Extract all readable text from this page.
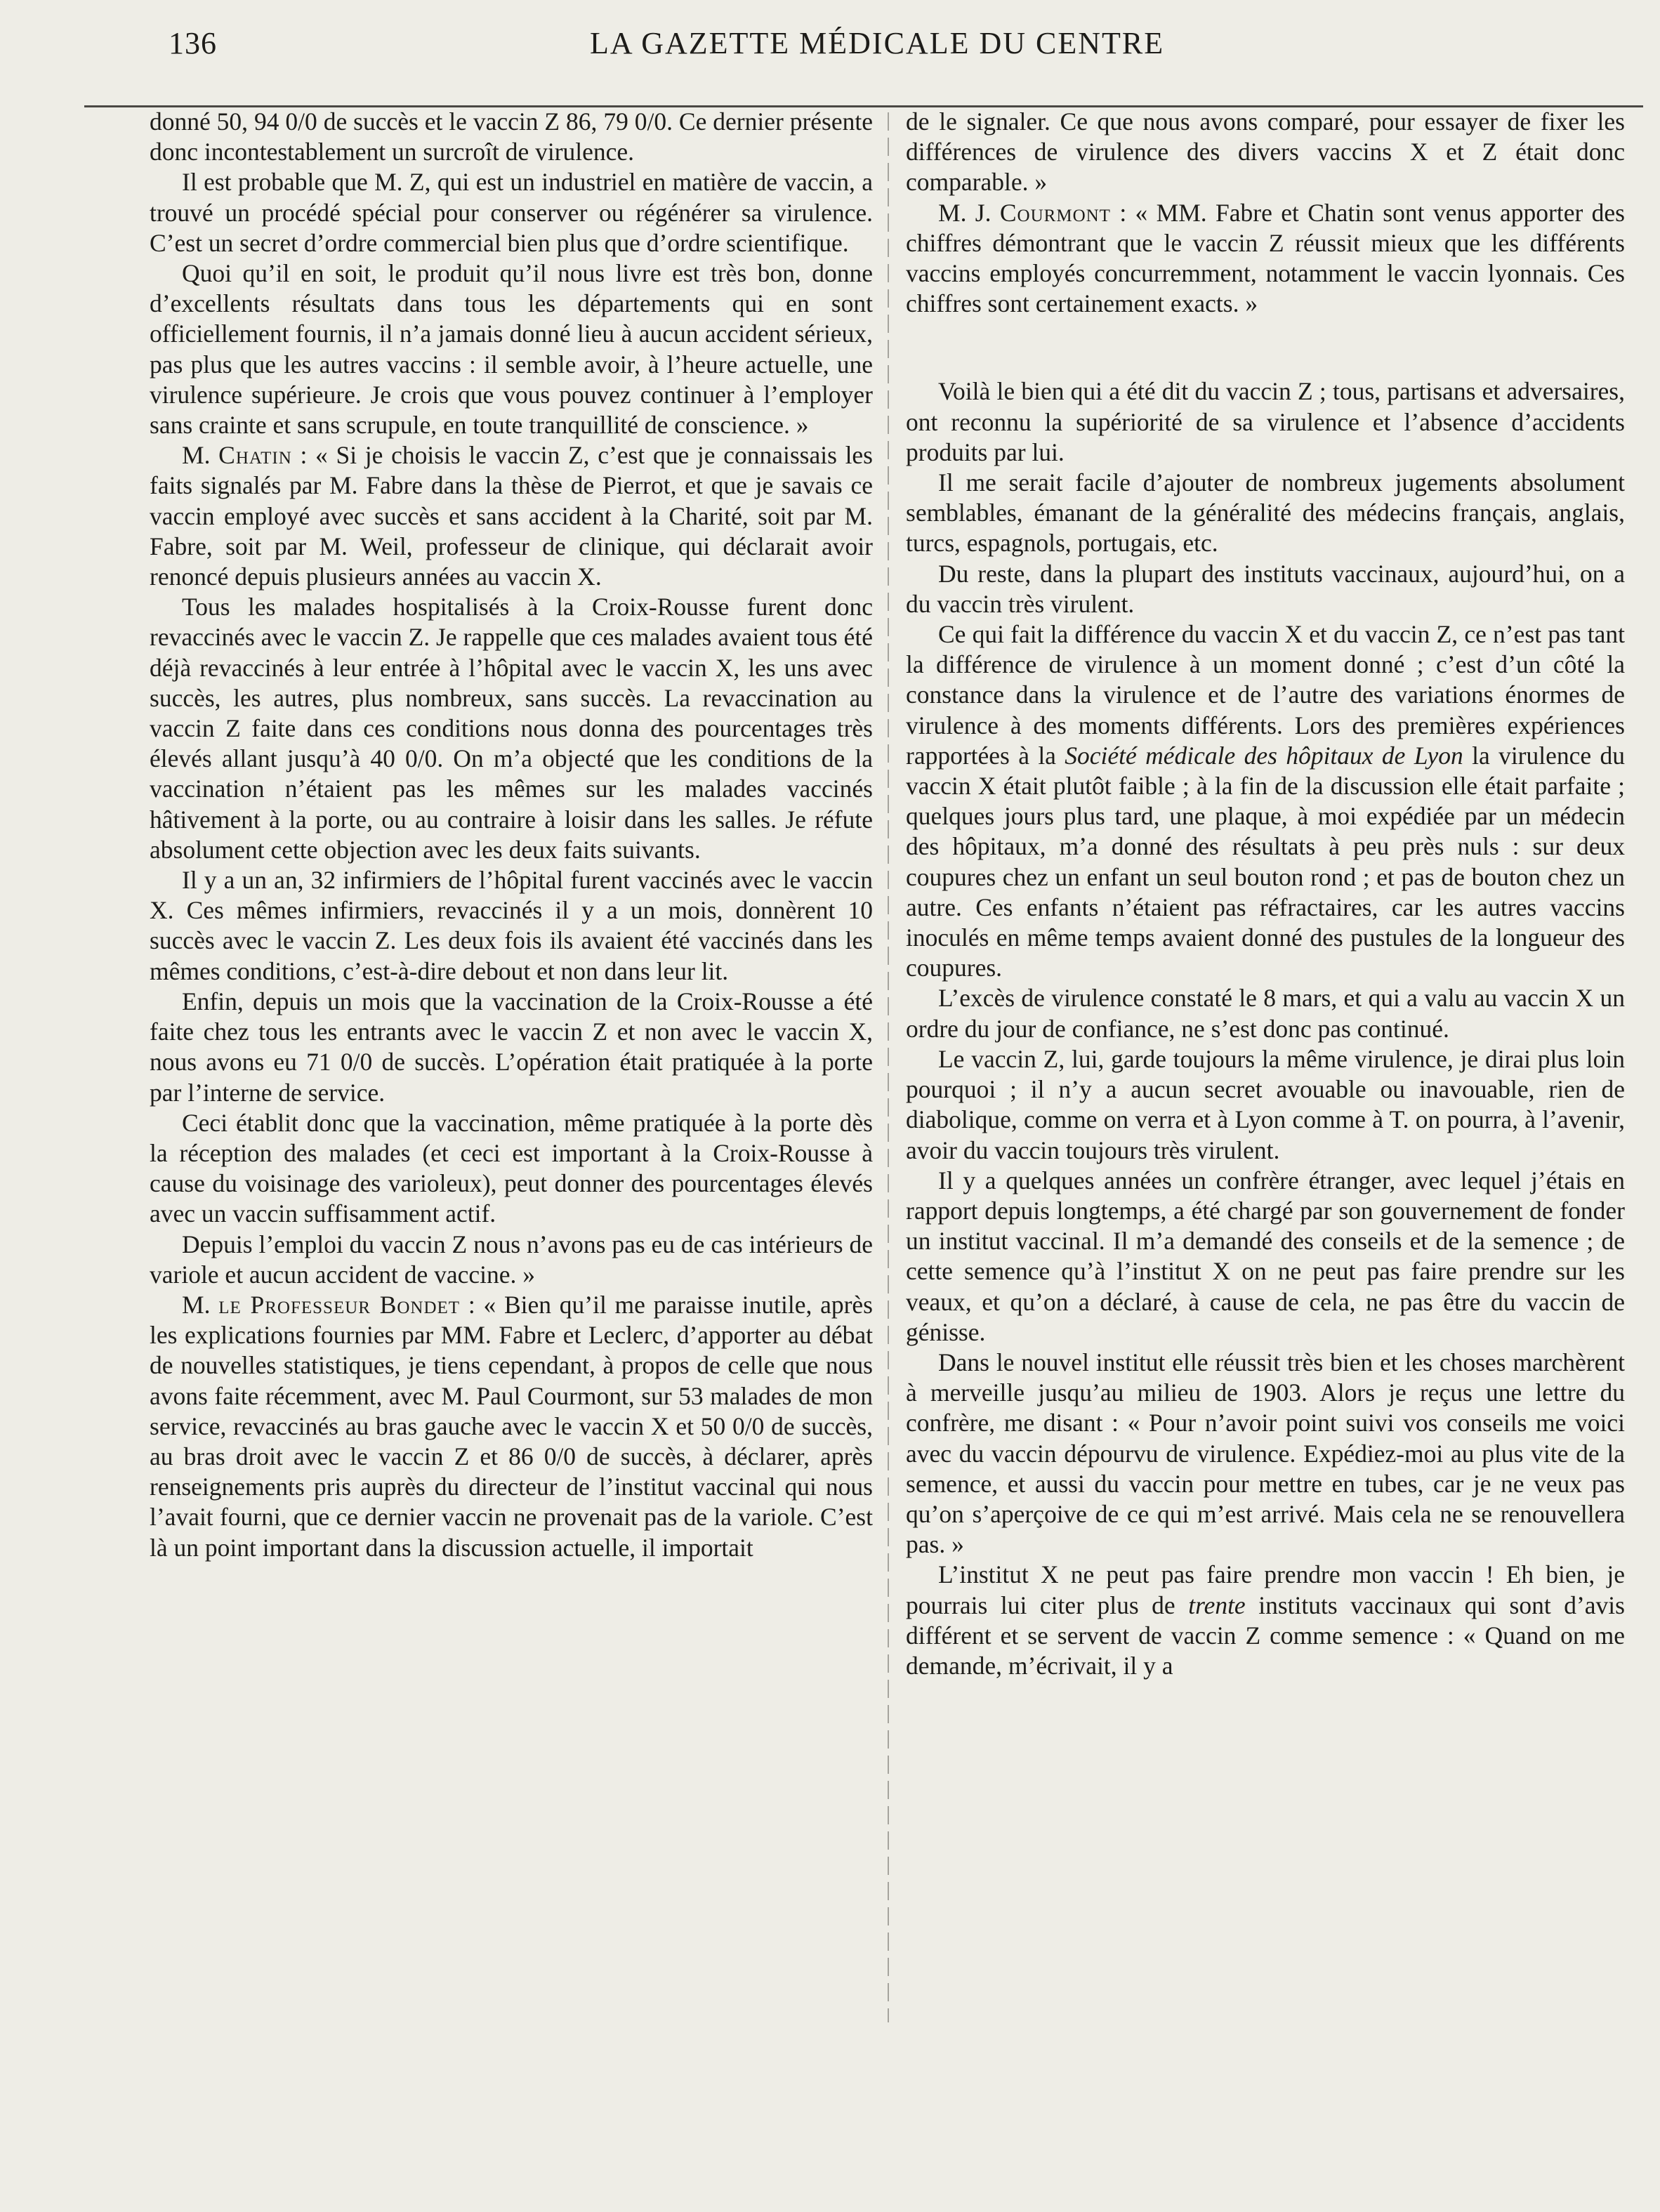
136	LA GAZETTE MÉDICALE DU CENTRE

donné 50, 94 0/0 de succès et le vaccin Z 86, 79 0/0. Ce dernier présente donc incontestablement un surcroît de virulence.

Il est probable que M. Z, qui est un industriel en matière de vaccin, a trouvé un procédé spécial pour conserver ou régénérer sa virulence. C’est un secret d’ordre commercial bien plus que d’ordre scientifique.

Quoi qu’il en soit, le produit qu’il nous livre est très bon, donne d’excellents résultats dans tous les départements qui en sont officiellement fournis, il n’a jamais donné lieu à aucun accident sérieux, pas plus que les autres vaccins : il semble avoir, à l’heure actuelle, une virulence supérieure. Je crois que vous pouvez continuer à l’employer sans crainte et sans scrupule, en toute tranquillité de conscience. »

M. Chatin : « Si je choisis le vaccin Z, c’est que je connaissais les faits signalés par M. Fabre dans la thèse de Pierrot, et que je savais ce vaccin employé avec succès et sans accident à la Charité, soit par M. Fabre, soit par M. Weil, professeur de clinique, qui déclarait avoir renoncé depuis plusieurs années au vaccin X.

Tous les malades hospitalisés à la Croix-Rousse furent donc revaccinés avec le vaccin Z. Je rappelle que ces malades avaient tous été déjà revaccinés à leur entrée à l’hôpital avec le vaccin X, les uns avec succès, les autres, plus nombreux, sans succès. La revaccination au vaccin Z faite dans ces conditions nous donna des pourcentages très élevés allant jusqu’à 40 0/0. On m’a objecté que les conditions de la vaccination n’étaient pas les mêmes sur les malades vaccinés hâtivement à la porte, ou au contraire à loisir dans les salles. Je réfute absolument cette objection avec les deux faits suivants.

Il y a un an, 32 infirmiers de l’hôpital furent vaccinés avec le vaccin X. Ces mêmes infirmiers, revaccinés il y a un mois, donnèrent 10 succès avec le vaccin Z. Les deux fois ils avaient été vaccinés dans les mêmes conditions, c’est-à-dire debout et non dans leur lit.

Enfin, depuis un mois que la vaccination de la Croix-Rousse a été faite chez tous les entrants avec le vaccin Z et non avec le vaccin X, nous avons eu 71 0/0 de succès. L’opération était pratiquée à la porte par l’interne de service.

Ceci établit donc que la vaccination, même pratiquée à la porte dès la réception des malades (et ceci est important à la Croix-Rousse à cause du voisinage des varioleux), peut donner des pourcentages élevés avec un vaccin suffisamment actif.

Depuis l’emploi du vaccin Z nous n’avons pas eu de cas intérieurs de variole et aucun accident de vaccine. »

M. le Professeur Bondet : « Bien qu’il me paraisse inutile, après les explications fournies par MM. Fabre et Leclerc, d’apporter au débat de nouvelles statistiques, je tiens cependant, à propos de celle que nous avons faite récemment, avec M. Paul Courmont, sur 53 malades de mon service, revaccinés au bras gauche avec le vaccin X et 50 0/0 de succès, au bras droit avec le vaccin Z et 86 0/0 de succès, à déclarer, après renseignements pris auprès du directeur de l’institut vaccinal qui nous l’avait fourni, que ce dernier vaccin ne provenait pas de la variole. C’est là un point important dans la discussion actuelle, il importait

de le signaler. Ce que nous avons comparé, pour essayer de fixer les différences de virulence des divers vaccins X et Z était donc comparable. »

M. J. Courmont : « MM. Fabre et Chatin sont venus apporter des chiffres démontrant que le vaccin Z réussit mieux que les différents vaccins employés concurremment, notamment le vaccin lyonnais. Ces chiffres sont certainement exacts. »

Voilà le bien qui a été dit du vaccin Z ; tous, partisans et adversaires, ont reconnu la supériorité de sa virulence et l’absence d’accidents produits par lui.

Il me serait facile d’ajouter de nombreux jugements absolument semblables, émanant de la généralité des médecins français, anglais, turcs, espagnols, portugais, etc.

Du reste, dans la plupart des instituts vaccinaux, aujourd’hui, on a du vaccin très virulent.

Ce qui fait la différence du vaccin X et du vaccin Z, ce n’est pas tant la différence de virulence à un moment donné ; c’est d’un côté la constance dans la virulence et de l’autre des variations énormes de virulence à des moments différents. Lors des premières expériences rapportées à la Société médicale des hôpitaux de Lyon la virulence du vaccin X était plutôt faible ; à la fin de la discussion elle était parfaite ; quelques jours plus tard, une plaque, à moi expédiée par un médecin des hôpitaux, m’a donné des résultats à peu près nuls : sur deux coupures chez un enfant un seul bouton rond ; et pas de bouton chez un autre. Ces enfants n’étaient pas réfractaires, car les autres vaccins inoculés en même temps avaient donné des pustules de la longueur des coupures.

L’excès de virulence constaté le 8 mars, et qui a valu au vaccin X un ordre du jour de confiance, ne s’est donc pas continué.

Le vaccin Z, lui, garde toujours la même virulence, je dirai plus loin pourquoi ; il n’y a aucun secret avouable ou inavouable, rien de diabolique, comme on verra et à Lyon comme à T. on pourra, à l’avenir, avoir du vaccin toujours très virulent.

Il y a quelques années un confrère étranger, avec lequel j’étais en rapport depuis longtemps, a été chargé par son gouvernement de fonder un institut vaccinal. Il m’a demandé des conseils et de la semence ; de cette semence qu’à l’institut X on ne peut pas faire prendre sur les veaux, et qu’on a déclaré, à cause de cela, ne pas être du vaccin de génisse.

Dans le nouvel institut elle réussit très bien et les choses marchèrent à merveille jusqu’au milieu de 1903. Alors je reçus une lettre du confrère, me disant : « Pour n’avoir point suivi vos conseils me voici avec du vaccin dépourvu de virulence. Expédiez-moi au plus vite de la semence, et aussi du vaccin pour mettre en tubes, car je ne veux pas qu’on s’aperçoive de ce qui m’est arrivé. Mais cela ne se renouvellera pas. »

L’institut X ne peut pas faire prendre mon vaccin ! Eh bien, je pourrais lui citer plus de trente instituts vaccinaux qui sont d’avis différent et se servent de vaccin Z comme semence : « Quand on me demande, m’écrivait, il y a
